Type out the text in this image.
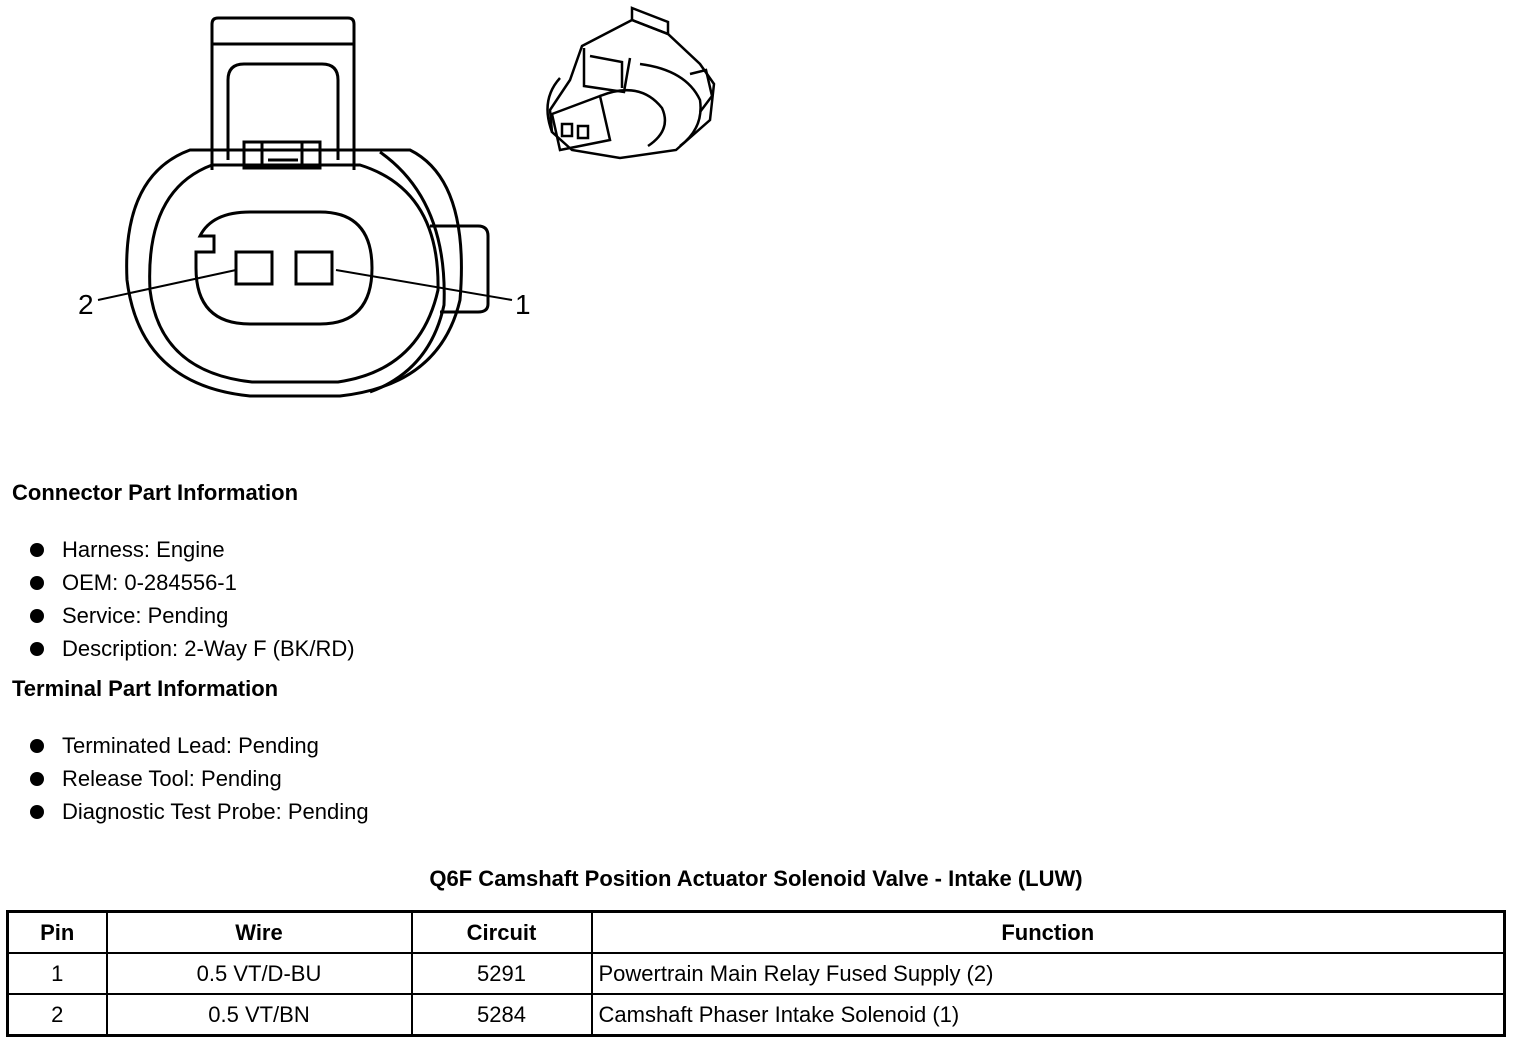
2	1
Connector Part Information
Harness: Engine
OEM: 0-284556-1
Service: Pending
Description: 2-Way F (BK/RD)
Terminal Part Information
Terminated Lead: Pending
Release Tool: Pending
Diagnostic Test Probe: Pending
Q6F Camshaft Position Actuator Solenoid Valve - Intake (LUW)
Pin	Wire	Circuit	Function
1	0.5 VT/D-BU	5291	Powertrain Main Relay Fused Supply (2)
2	0.5 VT/BN	5284	Camshaft Phaser Intake Solenoid (1)
